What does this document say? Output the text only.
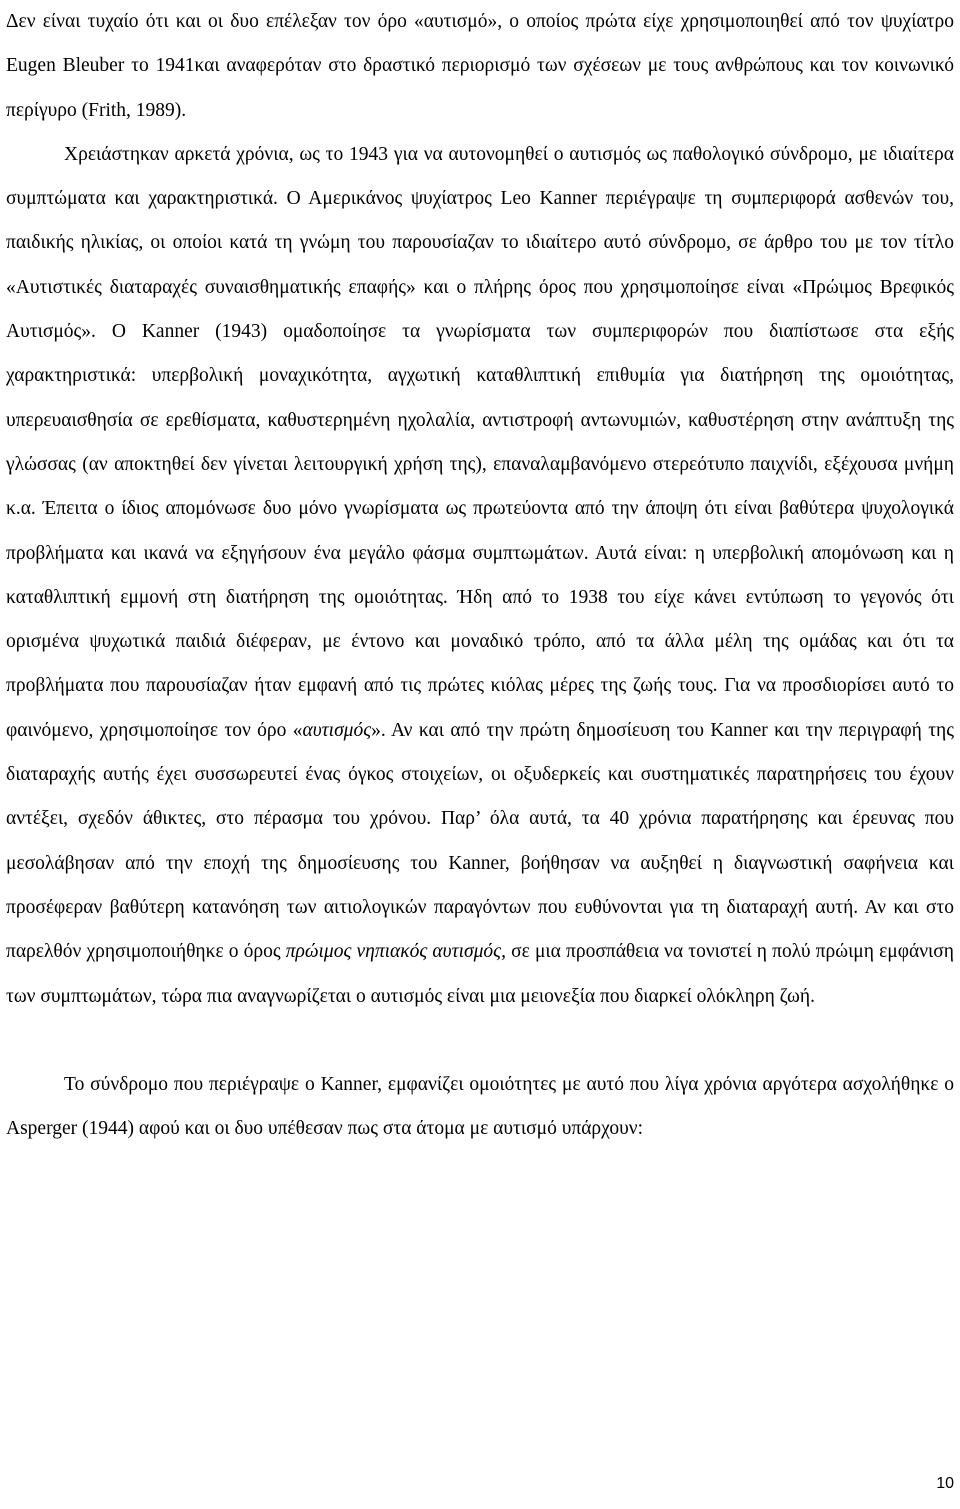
Δεν είναι τυχαίο ότι και οι δυο επέλεξαν τον όρο «αυτισμό», ο οποίος πρώτα είχε χρησιμοποιηθεί από τον ψυχίατρο Eugen Bleuber το 1941και αναφερόταν στο δραστικό περιορισμό των σχέσεων με τους ανθρώπους και τον κοινωνικό περίγυρο (Frith, 1989).

Χρειάστηκαν αρκετά χρόνια, ως το 1943 για να αυτονομηθεί ο αυτισμός ως παθολογικό σύνδρομο, με ιδιαίτερα συμπτώματα και χαρακτηριστικά. Ο Αμερικάνος ψυχίατρος Leo Kanner περιέγραψε τη συμπεριφορά ασθενών του, παιδικής ηλικίας, οι οποίοι κατά τη γνώμη του παρουσίαζαν το ιδιαίτερο αυτό σύνδρομο, σε άρθρο του με τον τίτλο «Αυτιστικές διαταραχές συναισθηματικής επαφής» και ο πλήρης όρος που χρησιμοποίησε είναι «Πρώιμος Βρεφικός Αυτισμός». Ο Kanner (1943) ομαδοποίησε τα γνωρίσματα των συμπεριφορών που διαπίστωσε στα εξής χαρακτηριστικά: υπερβολική μοναχικότητα, αγχωτική καταθλιπτική επιθυμία για διατήρηση της ομοιότητας, υπερευαισθησία σε ερεθίσματα, καθυστερημένη ηχολαλία, αντιστροφή αντωνυμιών, καθυστέρηση στην ανάπτυξη της γλώσσας (αν αποκτηθεί δεν γίνεται λειτουργική χρήση της), επαναλαμβανόμενο στερεότυπο παιχνίδι, εξέχουσα μνήμη κ.α. Έπειτα ο ίδιος απομόνωσε δυο μόνο γνωρίσματα ως πρωτεύοντα από την άποψη ότι είναι βαθύτερα ψυχολογικά προβλήματα και ικανά να εξηγήσουν ένα μεγάλο φάσμα συμπτωμάτων. Αυτά είναι: η υπερβολική απομόνωση και η καταθλιπτική εμμονή στη διατήρηση της ομοιότητας. Ήδη από το 1938 του είχε κάνει εντύπωση το γεγονός ότι ορισμένα ψυχωτικά παιδιά διέφεραν, με έντονο και μοναδικό τρόπο, από τα άλλα μέλη της ομάδας και ότι τα προβλήματα που παρουσίαζαν ήταν εμφανή από τις πρώτες κιόλας μέρες της ζωής τους. Για να προσδιορίσει αυτό το φαινόμενο, χρησιμοποίησε τον όρο «αυτισμός». Αν και από την πρώτη δημοσίευση του Kanner και την περιγραφή της διαταραχής αυτής έχει συσσωρευτεί ένας όγκος στοιχείων, οι οξυδερκείς και συστηματικές παρατηρήσεις του έχουν αντέξει, σχεδόν άθικτες, στο πέρασμα του χρόνου. Παρ’ όλα αυτά, τα 40 χρόνια παρατήρησης και έρευνας που μεσολάβησαν από την εποχή της δημοσίευσης του Kanner, βοήθησαν να αυξηθεί η διαγνωστική σαφήνεια και προσέφεραν βαθύτερη κατανόηση των αιτιολογικών παραγόντων που ευθύνονται για τη διαταραχή αυτή. Αν και στο παρελθόν χρησιμοποιήθηκε ο όρος πρώιμος νηπιακός αυτισμός, σε μια προσπάθεια να τονιστεί η πολύ πρώιμη εμφάνιση των συμπτωμάτων, τώρα πια αναγνωρίζεται ο αυτισμός είναι μια μειονεξία που διαρκεί ολόκληρη ζωή.

Το σύνδρομο που περιέγραψε ο Kanner, εμφανίζει ομοιότητες με αυτό που λίγα χρόνια αργότερα ασχολήθηκε ο Asperger (1944) αφού και οι δυο υπέθεσαν πως στα άτομα με αυτισμό υπάρχουν:

10
